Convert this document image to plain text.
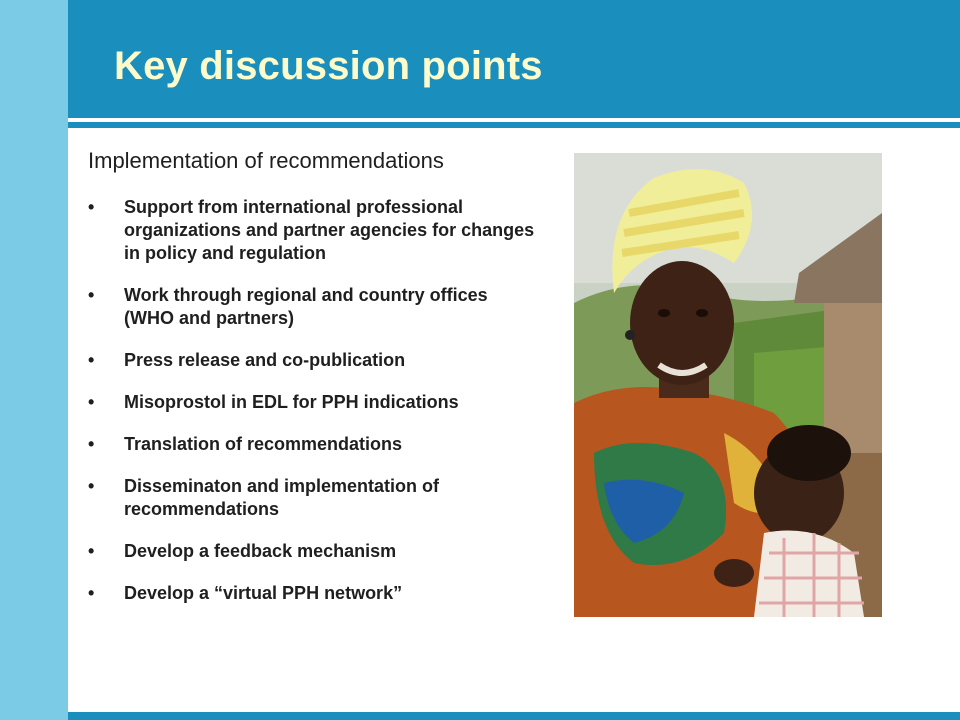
Key discussion points
Implementation of recommendations
• Support from international professional organizations and partner agencies for changes in policy and regulation
• Work through regional and country offices (WHO and partners)
• Press release and co-publication
• Misoprostol in EDL for PPH indications
• Translation of recommendations
• Disseminaton and implementation of recommendations
• Develop a feedback mechanism
• Develop a “virtual PPH network”
